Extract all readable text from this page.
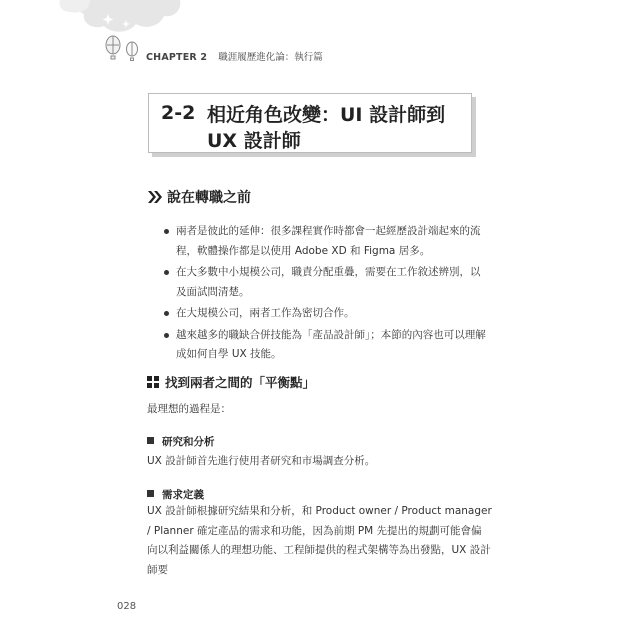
CHAPTER 2 職涯履歷進化論：執行篇
2-2 相近角色改變：UI 設計師到 UX 設計師
說在轉職之前
兩者是彼此的延伸：很多課程實作時都會一起經歷設計端起來的流程，軟體操作都是以使用 Adobe XD 和 Figma 居多。
在大多數中小規模公司，職責分配重疊，需要在工作敘述辨別，以及面試問清楚。
在大規模公司，兩者工作為密切合作。
越來越多的職缺合併技能為「產品設計師」；本節的內容也可以理解成如何自學 UX 技能。
找到兩者之間的「平衡點」
最理想的過程是：
研究和分析
UX 設計師首先進行使用者研究和市場調查分析。
需求定義
UX 設計師根據研究結果和分析，和 Product owner / Product manager / Planner 確定產品的需求和功能，因為前期 PM 先提出的規劃可能會偏向以利益關係人的理想功能、工程師提供的程式架構等為出發點，UX 設計師要
028
